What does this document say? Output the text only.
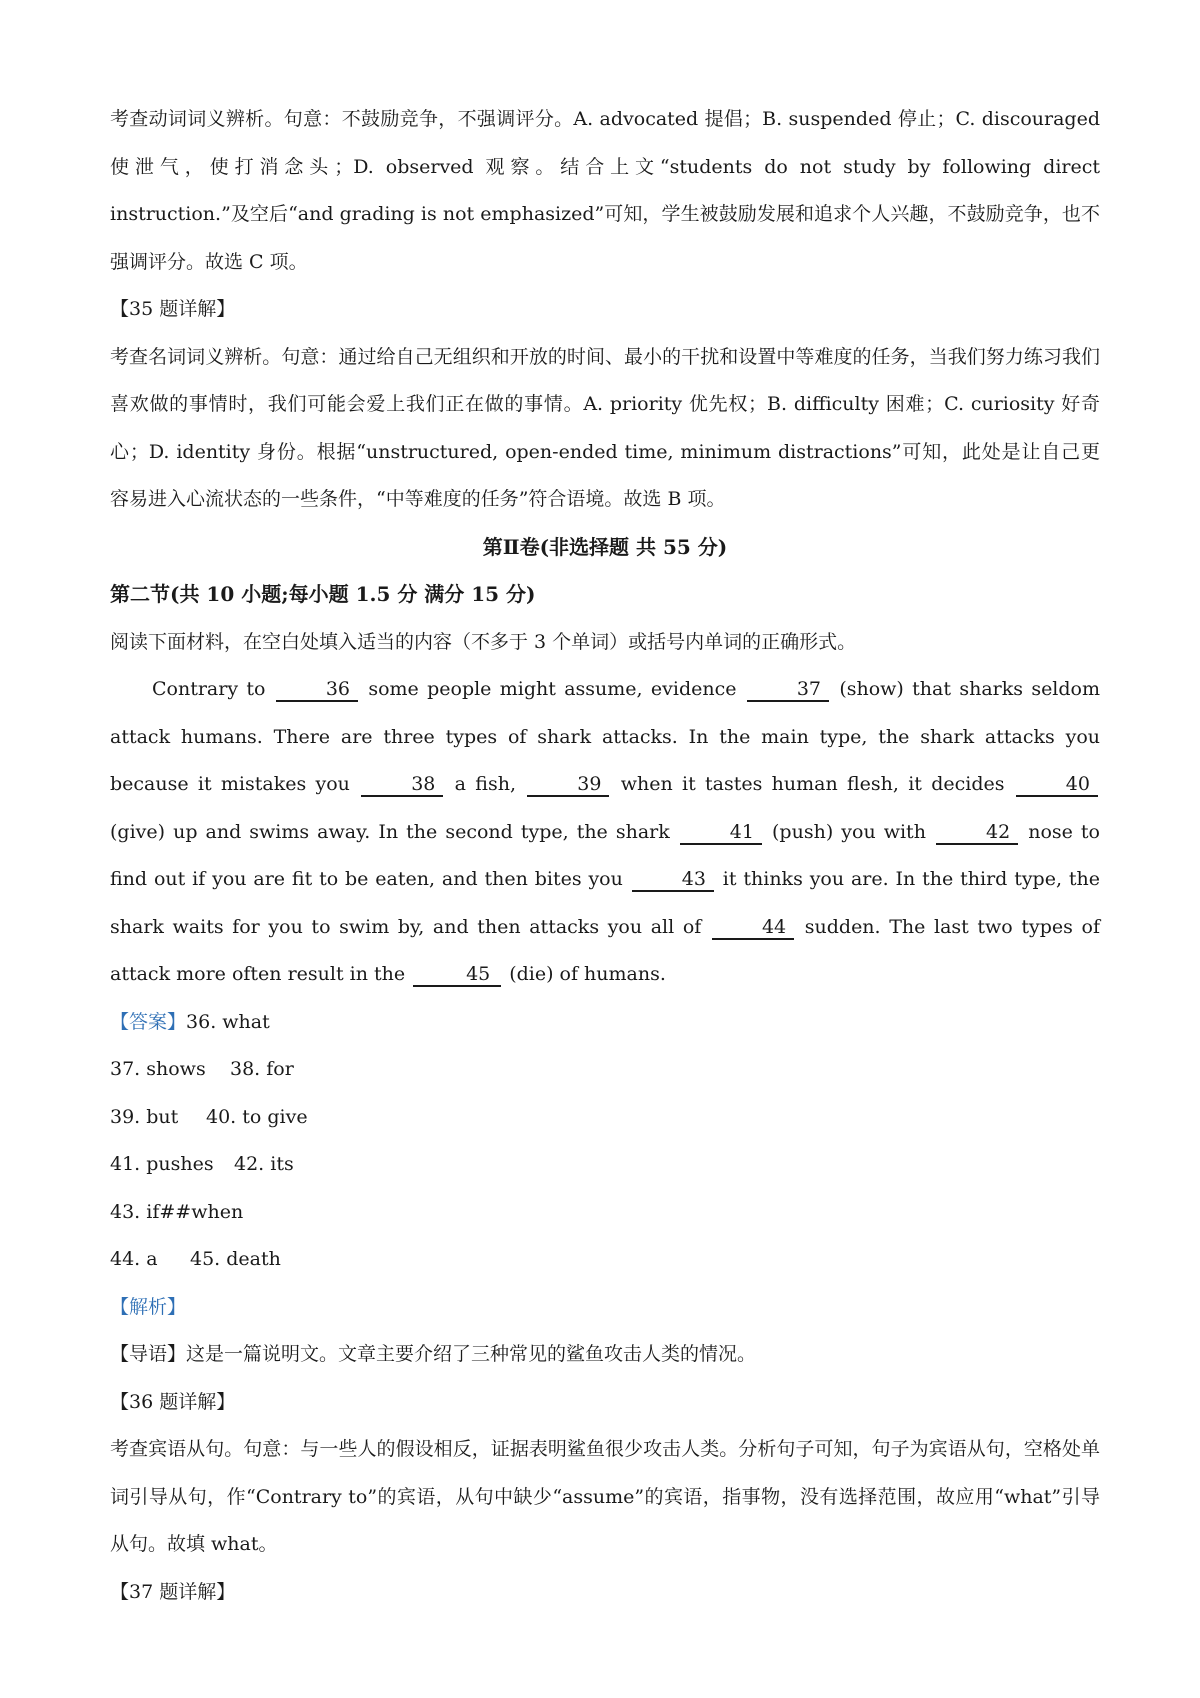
考查动词词义辨析。句意：不鼓励竞争，不强调评分。A. advocated 提倡；B. suspended 停止；C. discouraged 使泄气，使打消念头；D. observed 观察。结合上文“students do not study by following direct instruction.”及空后“and grading is not emphasized”可知，学生被鼓励发展和追求个人兴趣，不鼓励竞争，也不强调评分。故选 C 项。

【35 题详解】

考查名词词义辨析。句意：通过给自己无组织和开放的时间、最小的干扰和设置中等难度的任务，当我们努力练习我们喜欢做的事情时，我们可能会爱上我们正在做的事情。A. priority 优先权；B. difficulty 困难；C. curiosity 好奇心；D. identity 身份。根据“unstructured, open-ended time, minimum distractions”可知，此处是让自己更容易进入心流状态的一些条件，“中等难度的任务”符合语境。故选 B 项。

第Ⅱ卷(非选择题 共 55 分)

第二节(共 10 小题;每小题 1.5 分 满分 15 分)

阅读下面材料，在空白处填入适当的内容（不多于 3 个单词）或括号内单词的正确形式。

Contrary to	36 some people might assume, evidence	37 (show) that sharks seldom attack humans. There are three types of shark attacks. In the main type, the shark attacks you because it mistakes you	38 a fish,	39 when it tastes human flesh, it decides	40 (give) up and swims away. In the second type, the shark	41 (push) you with	42 nose to find out if you are fit to be eaten, and then bites you	43 it thinks you are. In the third type, the shark waits for you to swim by, and then attacks you all of	44 sudden. The last two types of attack more often result in the	45 (die) of humans.

【答案】36. what

37. shows 38. for

39. but 40. to give

41. pushes 42. its

43. if##when

44. a 45. death

【解析】

【导语】这是一篇说明文。文章主要介绍了三种常见的鲨鱼攻击人类的情况。

【36 题详解】

考查宾语从句。句意：与一些人的假设相反，证据表明鲨鱼很少攻击人类。分析句子可知，句子为宾语从句，空格处单词引导从句，作“Contrary to”的宾语，从句中缺少“assume”的宾语，指事物，没有选择范围，故应用“what”引导从句。故填 what。

【37 题详解】
